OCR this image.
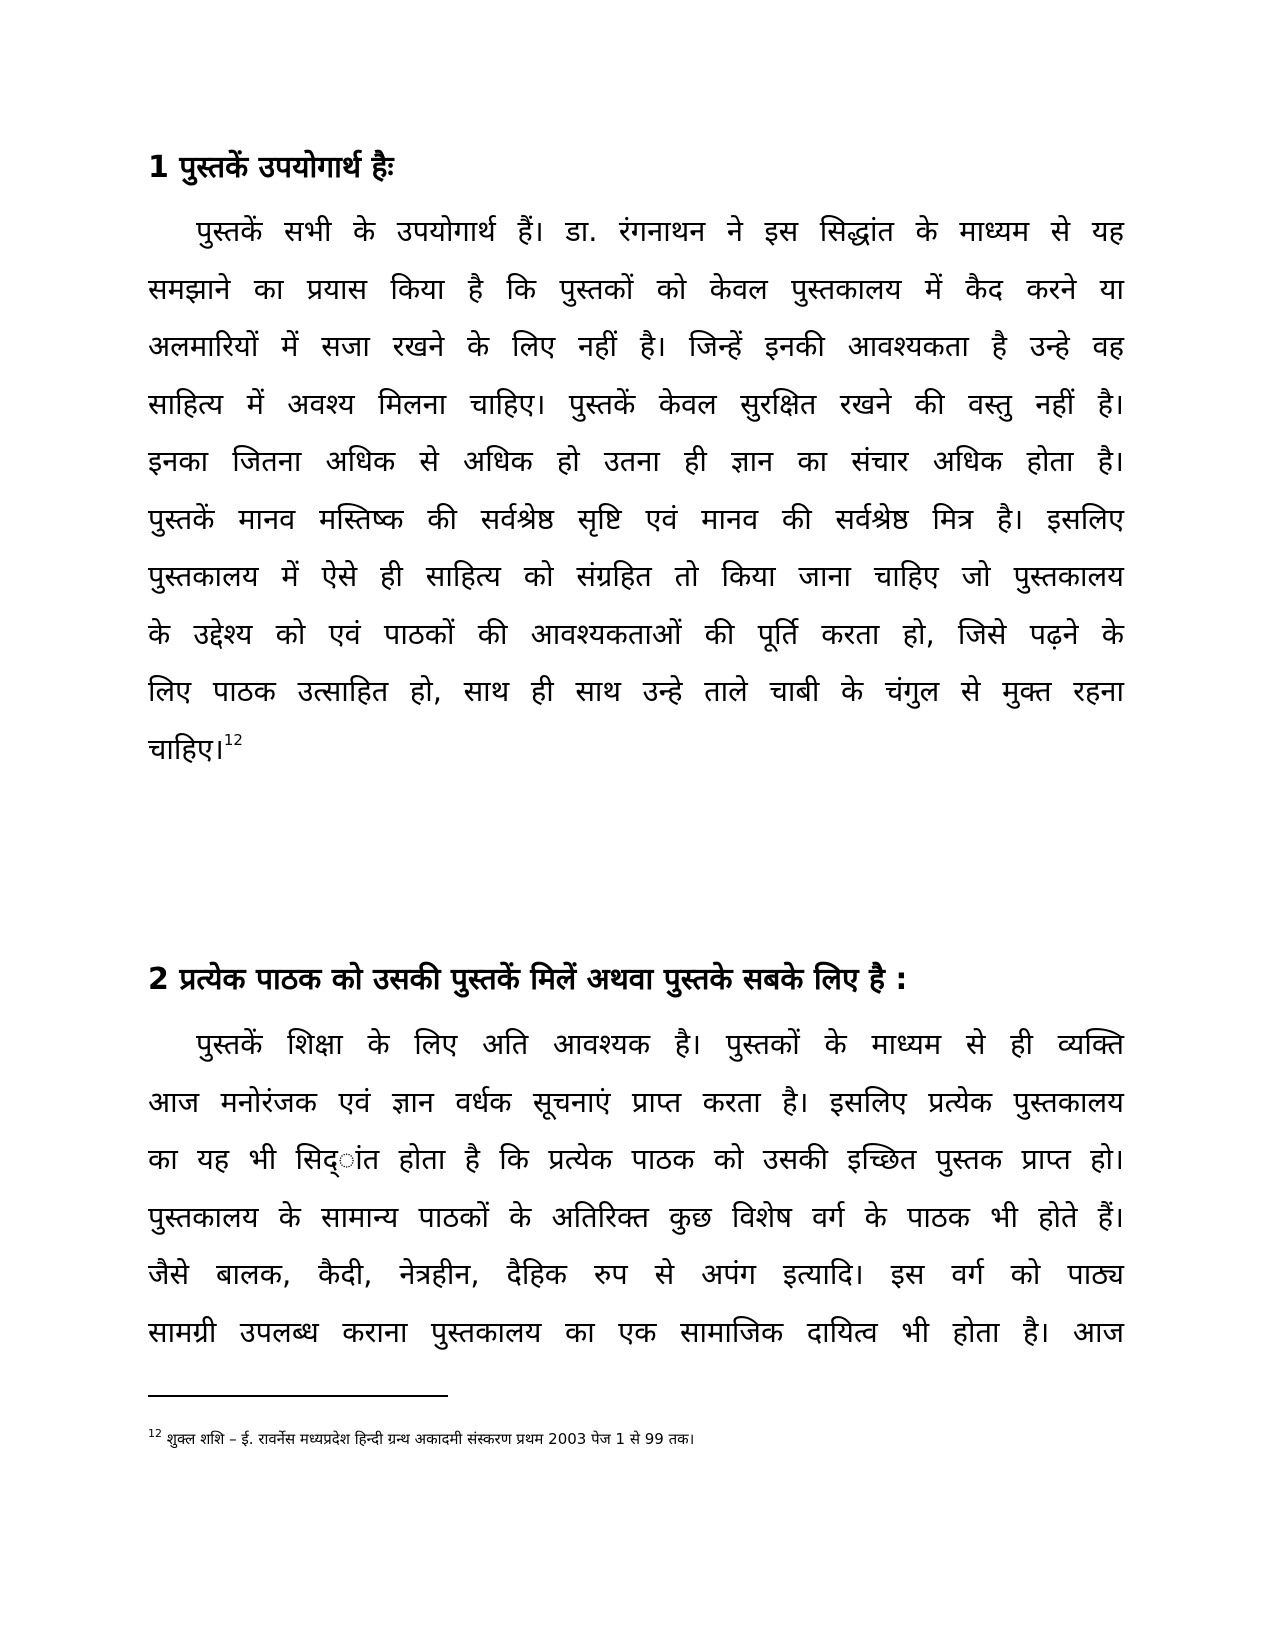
1 पुस्तकें उपयोगार्थ हैः
पुस्तकें सभी के उपयोगार्थ हैं। डा. रंगनाथन ने इस सिद्धांत के माध्यम से यह
समझाने का प्रयास किया है कि पुस्तकों को केवल पुस्तकालय में कैद करने या
अलमारियों में सजा रखने के लिए नहीं है। जिन्हें इनकी आवश्यकता है उन्हे वह
साहित्य में अवश्य मिलना चाहिए। पुस्तकें केवल सुरक्षित रखने की वस्तु नहीं है।
इनका जितना अधिक से अधिक हो उतना ही ज्ञान का संचार अधिक होता है।
पुस्तकें मानव मस्तिष्क की सर्वश्रेष्ठ सृष्टि एवं मानव की सर्वश्रेष्ठ मित्र है। इसलिए
पुस्तकालय में ऐसे ही साहित्य को संग्रहित तो किया जाना चाहिए जो पुस्तकालय
के उद्देश्य को एवं पाठकों की आवश्यकताओं की पूर्ति करता हो, जिसे पढ़ने के
लिए पाठक उत्साहित हो, साथ ही साथ उन्हे ताले चाबी के चंगुल से मुक्त रहना
चाहिए।$^{12}$
2 प्रत्येक पाठक को उसकी पुस्तकें मिलें अथवा पुस्तके सबके लिए है :
पुस्तकें शिक्षा के लिए अति आवश्यक है। पुस्तकों के माध्यम से ही व्यक्ति
आज मनोरंजक एवं ज्ञान वर्धक सूचनाएं प्राप्त करता है। इसलिए प्रत्येक पुस्तकालय
का यह भी सिद्ांत होता है कि प्रत्येक पाठक को उसकी इच्छित पुस्तक प्राप्त हो।
पुस्तकालय के सामान्य पाठकों के अतिरिक्त कुछ विशेष वर्ग के पाठक भी होते हैं।
जैसे बालक, कैदी, नेत्रहीन, दैहिक रुप से अपंग इत्यादि। इस वर्ग को पाठ्य
सामग्री उपलब्ध कराना पुस्तकालय का एक सामाजिक दायित्व भी होता है। आज

$^{12}$ शुक्ल शशि – ई. रावर्नेस मध्यप्रदेश हिन्दी ग्रन्थ अकादमी संस्करण प्रथम 2003 पेज 1 से 99 तक।
